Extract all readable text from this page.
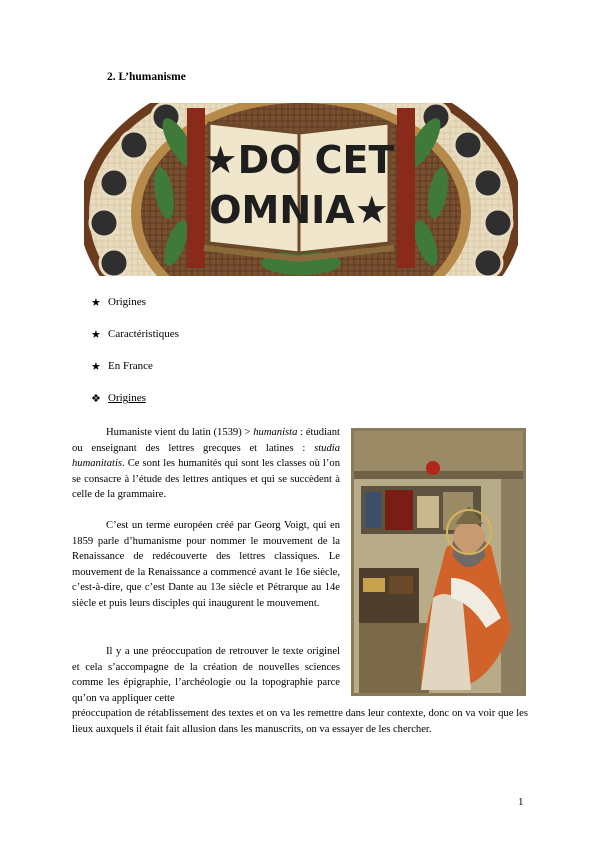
2. L’humanisme
★DO CET
OMNIA★
★ Origines
★ Caractéristiques
★ En France
❖ Origines

Humaniste vient du latin (1539) > humanista : étudiant ou enseignant des lettres grecques et latines : studia humanitatis. Ce sont les humanités qui sont les classes où l’on se consacre à l’étude des lettres antiques et qui se succèdent à celle de la grammaire.

C’est un terme européen créé par Georg Voigt, qui en 1859 parle d’humanisme pour nommer le mouvement de la Renaissance de redécouverte des lettres classiques. Le mouvement de la Renaissance a commencé avant le 16e siècle, c’est-à-dire, que c’est Dante au 13e siècle et Pétrarque au 14e siècle et puis leurs disciples qui inaugurent le mouvement.

Il y a une préoccupation de retrouver le texte originel et cela s’accompagne de la création de nouvelles sciences comme les épigraphie, l’archéologie ou la topographie parce qu’on va appliquer cette

préoccupation de rétablissement des textes et on va les remettre dans leur contexte, donc on va voir que les lieux auxquels il était fait allusion dans les manuscrits, on va essayer de les chercher.

1
